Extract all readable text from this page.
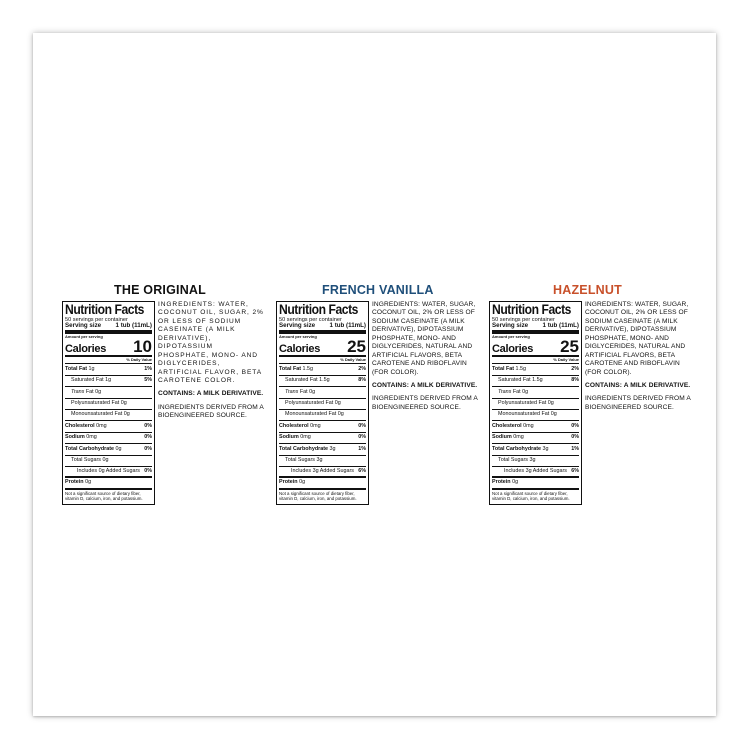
THE ORIGINAL
Nutrition Facts
50 servings per container
Serving size 1 tub (11mL)
Amount per serving
Calories 10
% Daily Value
Total Fat 1g	1%
Saturated Fat 1g	5%
Trans Fat 0g
Polyunsaturated Fat 0g
Monounsaturated Fat 0g
Cholesterol 0mg	0%
Sodium 0mg	0%
Total Carbohydrate 0g	0%
Total Sugars 0g
Includes 0g Added Sugars 0%
Protein 0g
Not a significant source of dietary fiber, vitamin D, calcium, iron, and potassium.

INGREDIENTS: WATER, COCONUT OIL, SUGAR, 2% OR LESS OF SODIUM CASEINATE (A MILK DERIVATIVE), DIPOTASSIUM PHOSPHATE, MONO- AND DIGLYCERIDES, ARTIFICIAL FLAVOR, BETA CAROTENE COLOR.

CONTAINS: A MILK DERIVATIVE.

INGREDIENTS DERIVED FROM A BIOENGINEERED SOURCE.

FRENCH VANILLA
Nutrition Facts
50 servings per container
Serving size 1 tub (11mL)
Amount per serving
Calories 25
% Daily Value
Total Fat 1.5g	2%
Saturated Fat 1.5g	8%
Trans Fat 0g
Polyunsaturated Fat 0g
Monounsaturated Fat 0g
Cholesterol 0mg	0%
Sodium 0mg	0%
Total Carbohydrate 3g	1%
Total Sugars 3g
Includes 3g Added Sugars 6%
Protein 0g
Not a significant source of dietary fiber, vitamin D, calcium, iron, and potassium.

INGREDIENTS: WATER, SUGAR, COCONUT OIL, 2% OR LESS OF SODIUM CASEINATE (A MILK DERIVATIVE), DIPOTASSIUM PHOSPHATE, MONO- AND DIGLYCERIDES, NATURAL AND ARTIFICIAL FLAVORS, BETA CAROTENE AND RIBOFLAVIN (FOR COLOR).

CONTAINS: A MILK DERIVATIVE.

INGREDIENTS DERIVED FROM A BIOENGINEERED SOURCE.

HAZELNUT
Nutrition Facts
50 servings per container
Serving size 1 tub (11mL)
Amount per serving
Calories 25
% Daily Value
Total Fat 1.5g	2%
Saturated Fat 1.5g	8%
Trans Fat 0g
Polyunsaturated Fat 0g
Monounsaturated Fat 0g
Cholesterol 0mg	0%
Sodium 0mg	0%
Total Carbohydrate 3g	1%
Total Sugars 3g
Includes 3g Added Sugars 6%
Protein 0g
Not a significant source of dietary fiber, vitamin D, calcium, iron, and potassium.

INGREDIENTS: WATER, SUGAR, COCONUT OIL, 2% OR LESS OF SODIUM CASEINATE (A MILK DERIVATIVE), DIPOTASSIUM PHOSPHATE, MONO- AND DIGLYCERIDES, NATURAL AND ARTIFICIAL FLAVORS, BETA CAROTENE AND RIBOFLAVIN (FOR COLOR).

CONTAINS: A MILK DERIVATIVE.

INGREDIENTS DERIVED FROM A BIOENGINEERED SOURCE.
